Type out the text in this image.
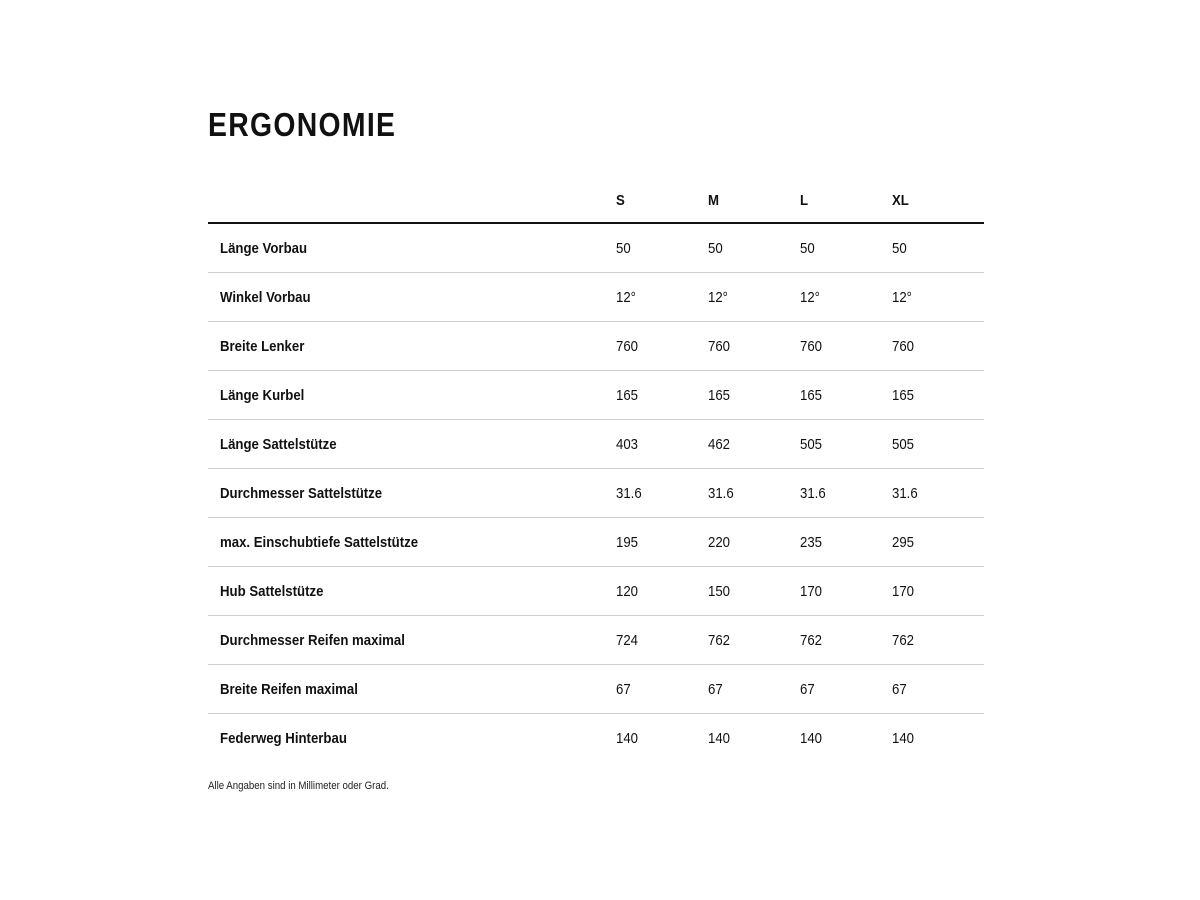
ERGONOMIE
	S	M	L	XL
Länge Vorbau	50	50	50	50
Winkel Vorbau	12°	12°	12°	12°
Breite Lenker	760	760	760	760
Länge Kurbel	165	165	165	165
Länge Sattelstütze	403	462	505	505
Durchmesser Sattelstütze	31.6	31.6	31.6	31.6
max. Einschubtiefe Sattelstütze	195	220	235	295
Hub Sattelstütze	120	150	170	170
Durchmesser Reifen maximal	724	762	762	762
Breite Reifen maximal	67	67	67	67
Federweg Hinterbau	140	140	140	140
Alle Angaben sind in Millimeter oder Grad.
